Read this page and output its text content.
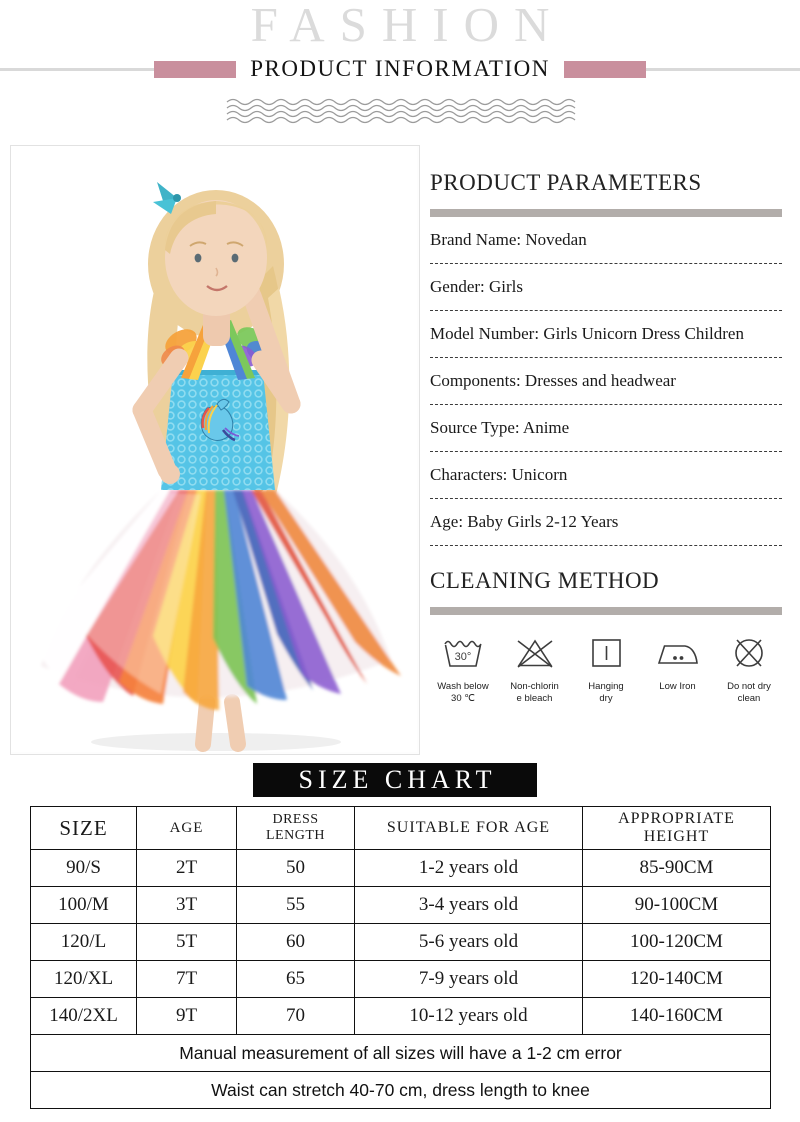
FASHION
PRODUCT INFORMATION
PRODUCT PARAMETERS
Brand Name: Novedan
Gender: Girls
Model Number: Girls Unicorn Dress Children
Components: Dresses and headwear
Source Type: Anime
Characters: Unicorn
Age: Baby Girls 2-12 Years
CLEANING METHOD
30°
Wash below
30 ℃
Non-chlorin
e bleach
Hanging
dry
Low Iron	Do not dry
clean
SIZE CHART
SIZE	AGE	DRESS LENGTH	SUITABLE FOR AGE	APPROPRIATE HEIGHT
90/S	2T	50	1-2 years old	85-90CM
100/M	3T	55	3-4 years old	90-100CM
120/L	5T	60	5-6 years old	100-120CM
120/XL	7T	65	7-9 years old	120-140CM
140/2XL	9T	70	10-12 years old	140-160CM
Manual measurement of all sizes will have a 1-2 cm error				
Waist can stretch 40-70 cm, dress length to knee				
